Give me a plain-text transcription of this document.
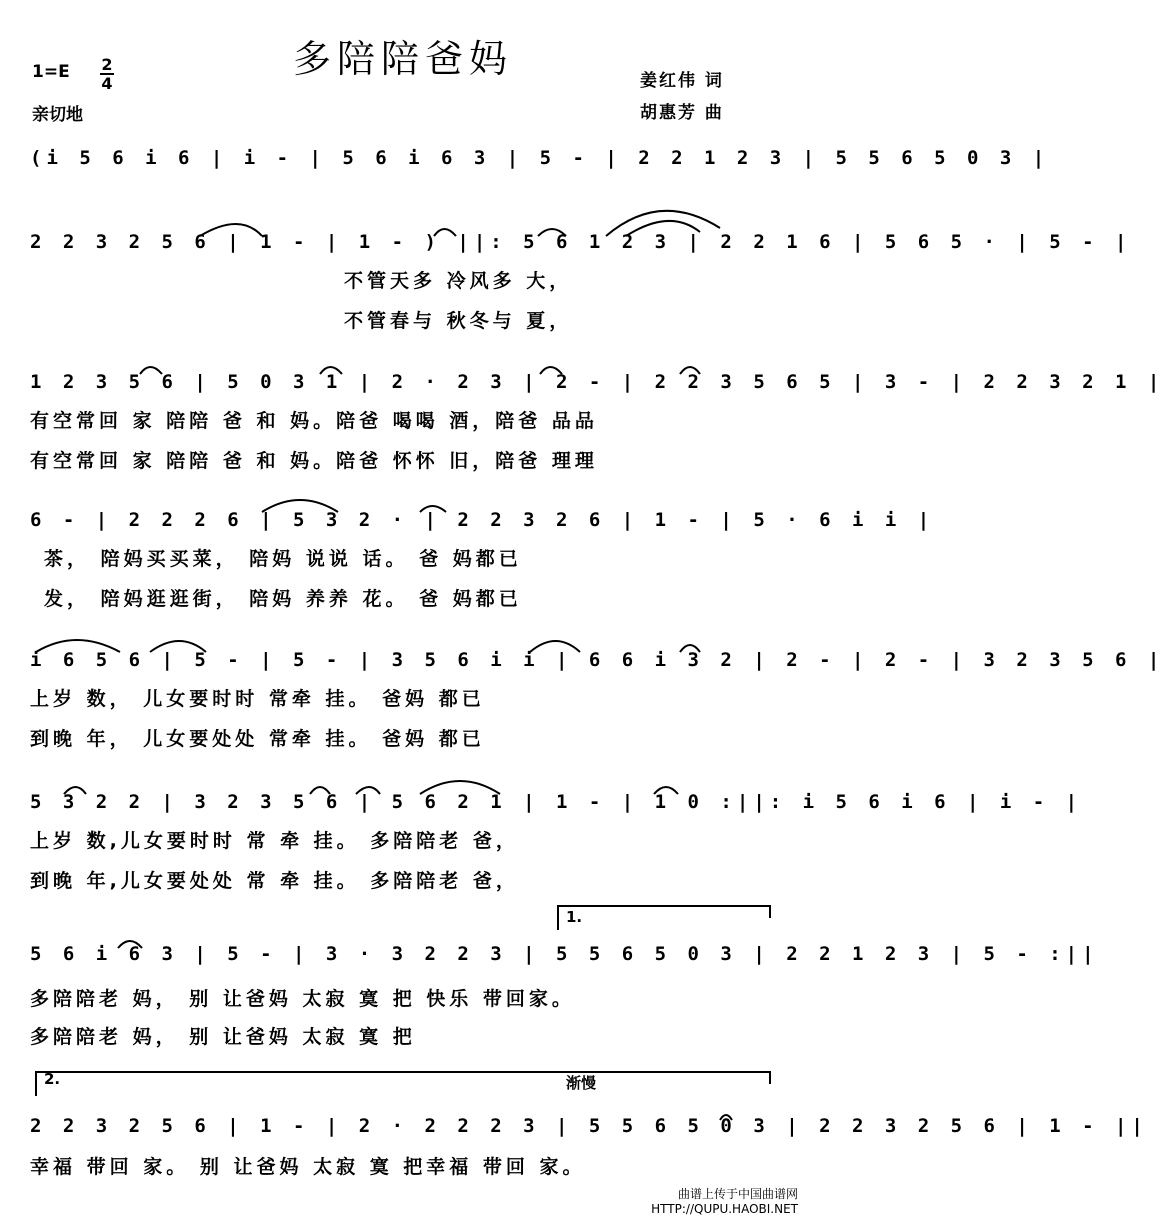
多陪陪爸妈
1=E 2
4
亲切地
姜红伟 词
胡惠芳 曲
(i 5 6 i 6 | i - | 5 6 i 6 3 | 5 - | 2 2 1 2 3 | 5 5 6 5 0 3 |
2 2 3 2 5 6 | 1 - | 1 - ) ||: 5 6 1 2 3 | 2 2 1 6 | 5 6 5 · | 5 - |
不管天多 冷风多 大，
不管春与 秋冬与 夏，
1 2 3 5 6 | 5 0 3 1 | 2 · 2 3 | 2 - | 2 2 3 5 6 5 | 3 - | 2 2 3 2 1 |
有空常回 家 陪陪 爸 和 妈。陪爸 喝喝 酒，陪爸 品品
有空常回 家 陪陪 爸 和 妈。陪爸 怀怀 旧，陪爸 理理
6 - | 2 2 2 6 | 5 3 2 · | 2 2 3 2 6 | 1 - | 5 · 6 i i |
茶， 陪妈买买菜， 陪妈 说说 话。 爸 妈都已
发， 陪妈逛逛街， 陪妈 养养 花。 爸 妈都已
i 6 5 6 | 5 - | 5 - | 3 5 6 i i | 6 6 i 3 2 | 2 - | 2 - | 3 2 3 5 6 |
上岁 数， 儿女要时时 常牵 挂。 爸妈 都已
到晚 年， 儿女要处处 常牵 挂。 爸妈 都已
5 3 2 2 | 3 2 3 5 6 | 5 6 2 1 | 1 - | 1 0 :||: i 5 6 i 6 | i - |
上岁 数,儿女要时时 常 牵 挂。 多陪陪老 爸，
到晚 年,儿女要处处 常 牵 挂。 多陪陪老 爸，
1.
5 6 i 6 3 | 5 - | 3 · 3 2 2 3 | 5 5 6 5 0 3 | 2 2 1 2 3 | 5 - :||
多陪陪老 妈， 别 让爸妈 太寂 寞 把 快乐 带回家。
多陪陪老 妈， 别 让爸妈 太寂 寞 把
2.	渐慢
2 2 3 2 5 6 | 1 - | 2 · 2 2 2 3 | 5 5 6 5 0 3 | 2 2 3 2 5 6 | 1 - ||
幸福 带回 家。 别 让爸妈 太寂 寞 把幸福 带回 家。
曲谱上传于中国曲谱网
HTTP://QUPU.HAOBI.NET
